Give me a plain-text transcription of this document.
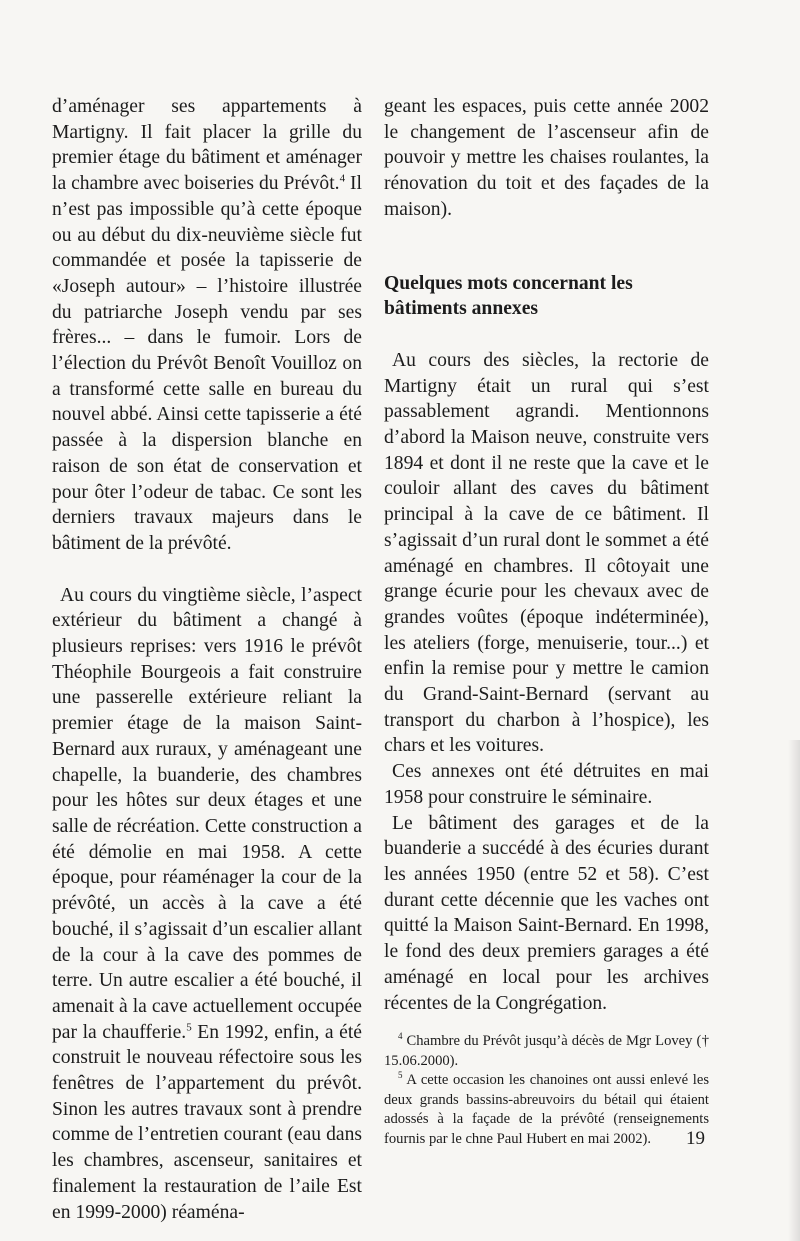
d’aménager ses appartements à Martigny. Il fait placer la grille du premier étage du bâtiment et aménager la chambre avec boiseries du Prévôt.$^4$ Il n’est pas impossible qu’à cette époque ou au début du dix-neuvième siècle fut commandée et posée la tapisserie de «Joseph autour» – l’histoire illustrée du patriarche Joseph vendu par ses frères... – dans le fumoir. Lors de l’élection du Prévôt Benoît Vouilloz on a transformé cette salle en bureau du nouvel abbé. Ainsi cette tapisserie a été passée à la dispersion blanche en raison de son état de conservation et pour ôter l’odeur de tabac. Ce sont les derniers travaux majeurs dans le bâtiment de la prévôté.

Au cours du vingtième siècle, l’aspect extérieur du bâtiment a changé à plusieurs reprises: vers 1916 le prévôt Théophile Bourgeois a fait construire une passerelle extérieure reliant la premier étage de la maison Saint-Bernard aux ruraux, y aménageant une chapelle, la buanderie, des chambres pour les hôtes sur deux étages et une salle de récréation. Cette construction a été démolie en mai 1958. A cette époque, pour réaménager la cour de la prévôté, un accès à la cave a été bouché, il s’agissait d’un escalier allant de la cour à la cave des pommes de terre. Un autre escalier a été bouché, il amenait à la cave actuellement occupée par la chaufferie.$^5$ En 1992, enfin, a été construit le nouveau réfectoire sous les fenêtres de l’appartement du prévôt. Sinon les autres travaux sont à prendre comme de l’entretien courant (eau dans les chambres, ascenseur, sanitaires et finalement la restauration de l’aile Est en 1999-2000) réaména-

geant les espaces, puis cette année 2002 le changement de l’ascenseur afin de pouvoir y mettre les chaises roulantes, la rénovation du toit et des façades de la maison).

Quelques mots concernant les bâtiments annexes

Au cours des siècles, la rectorie de Martigny était un rural qui s’est passablement agrandi. Mentionnons d’abord la Maison neuve, construite vers 1894 et dont il ne reste que la cave et le couloir allant des caves du bâtiment principal à la cave de ce bâtiment. Il s’agissait d’un rural dont le sommet a été aménagé en chambres. Il côtoyait une grange écurie pour les chevaux avec de grandes voûtes (époque indéterminée), les ateliers (forge, menuiserie, tour...) et enfin la remise pour y mettre le camion du Grand-Saint-Bernard (servant au transport du charbon à l’hospice), les chars et les voitures.

Ces annexes ont été détruites en mai 1958 pour construire le séminaire.

Le bâtiment des garages et de la buanderie a succédé à des écuries durant les années 1950 (entre 52 et 58). C’est durant cette décennie que les vaches ont quitté la Maison Saint-Bernard. En 1998, le fond des deux premiers garages a été aménagé en local pour les archives récentes de la Congrégation.

$^4$ Chambre du Prévôt jusqu’à décès de Mgr Lovey († 15.06.2000).

$^5$ A cette occasion les chanoines ont aussi enlevé les deux grands bassins-abreuvoirs du bétail qui étaient adossés à la façade de la prévôté (renseignements fournis par le chne Paul Hubert en mai 2002).	19
